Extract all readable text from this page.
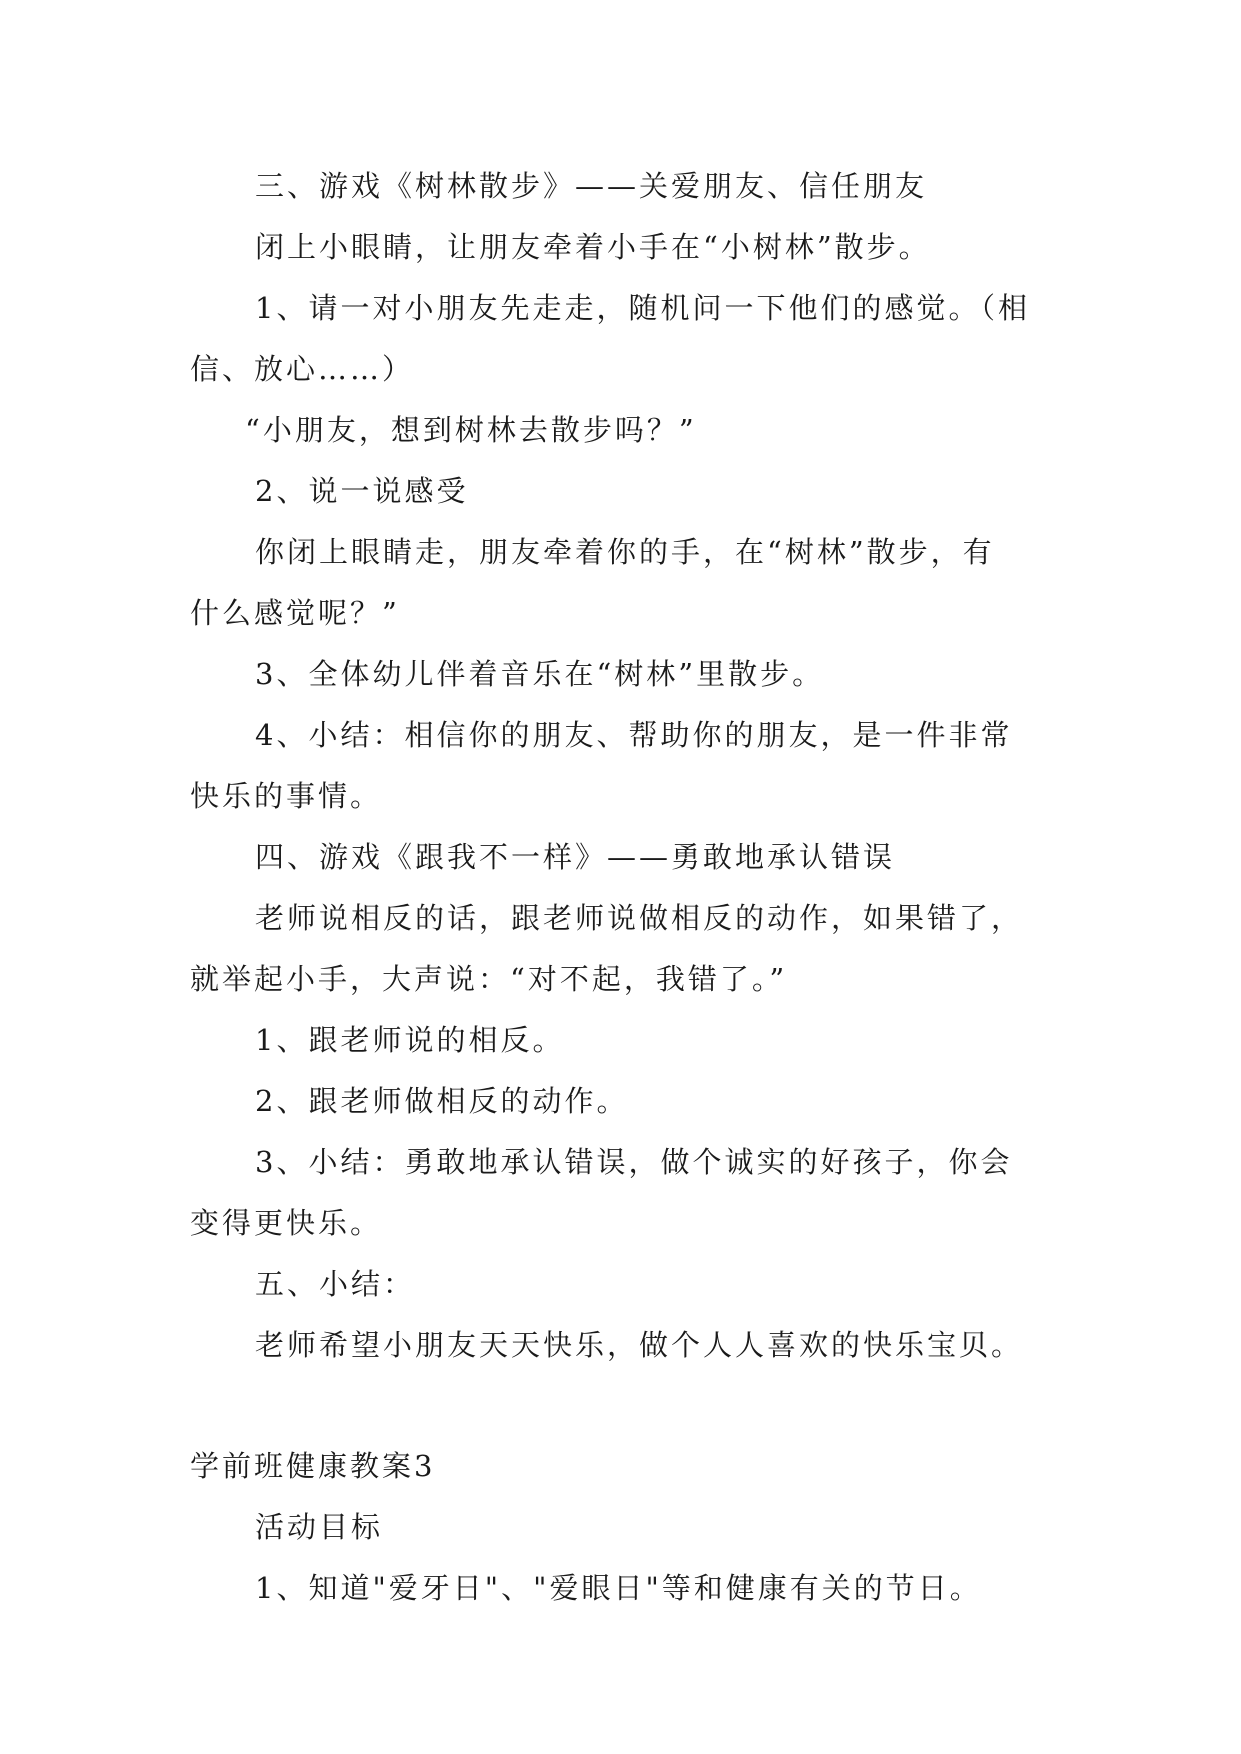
三、游戏《树林散步》——关爱朋友、信任朋友
闭上小眼睛，让朋友牵着小手在“小树林”散步。
1、请一对小朋友先走走，随机问一下他们的感觉。（相
信、放心……）
“小朋友，想到树林去散步吗？”
2、说一说感受
你闭上眼睛走，朋友牵着你的手，在“树林”散步，有
什么感觉呢？”
3、全体幼儿伴着音乐在“树林”里散步。
4、小结：相信你的朋友、帮助你的朋友，是一件非常
快乐的事情。
四、游戏《跟我不一样》——勇敢地承认错误
老师说相反的话，跟老师说做相反的动作，如果错了，
就举起小手，大声说：“对不起，我错了。”
1、跟老师说的相反。
2、跟老师做相反的动作。
3、小结：勇敢地承认错误，做个诚实的好孩子，你会
变得更快乐。
五、小结：
老师希望小朋友天天快乐，做个人人喜欢的快乐宝贝。
学前班健康教案3
活动目标
1、知道"爱牙日"、"爱眼日"等和健康有关的节日。
